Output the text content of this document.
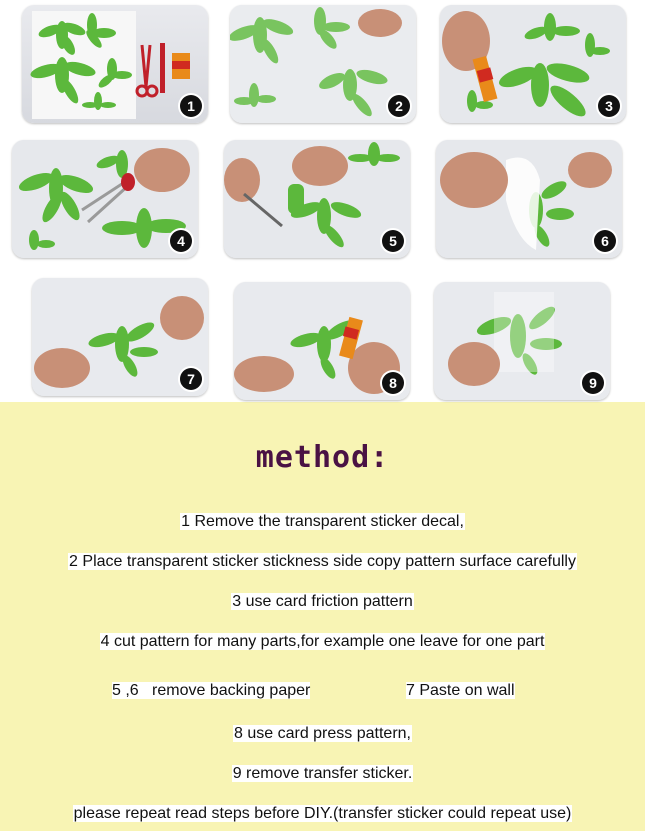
1	2	3
4	5	6
7	8	9
method:
1 Remove the transparent sticker decal,
2 Place transparent sticker stickness side copy pattern surface carefully
3 use card friction pattern
4 cut pattern for many parts,for example one leave for one part
5 ,6   remove backing paper	7 Paste on wall
8 use card press pattern,
9 remove transfer sticker.
please repeat read steps before DIY.(transfer sticker could repeat use)
